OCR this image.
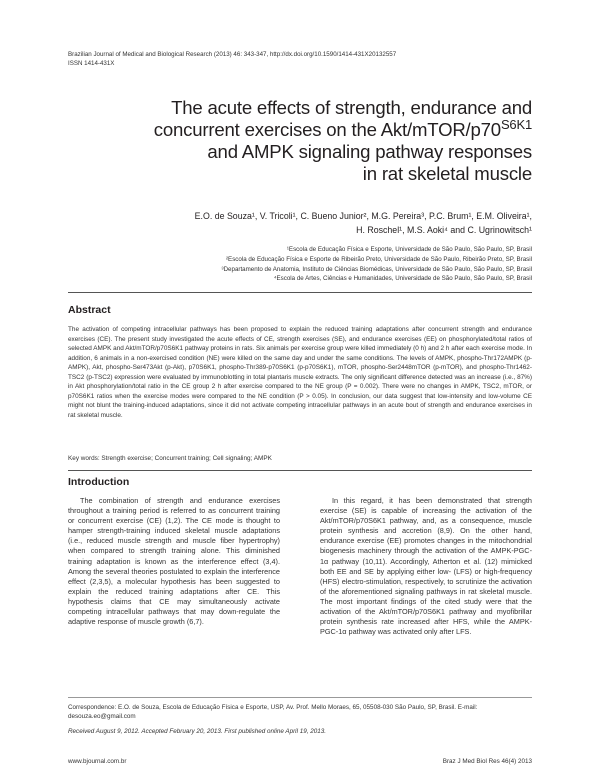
Brazilian Journal of Medical and Biological Research (2013) 46: 343-347, http://dx.doi.org/10.1590/1414-431X20132557
ISSN 1414-431X
The acute effects of strength, endurance and
concurrent exercises on the Akt/$mTOR/p70^{S6K1}$
and AMPK signaling pathway responses
in rat skeletal muscle
E.O. de Souza¹, V. Tricoli¹, C. Bueno Junior², M.G. Pereira³, P.C. Brum¹, E.M. Oliveira¹,
H. Roschel¹, M.S. Aoki⁴ and C. Ugrinowitsch¹
¹Escola de Educação Física e Esporte, Universidade de São Paulo, São Paulo, SP, Brasil
²Escola de Educação Física e Esporte de Ribeirão Preto, Universidade de São Paulo, Ribeirão Preto, SP, Brasil
³Departamento de Anatomia, Instituto de Ciências Biomédicas, Universidade de São Paulo, São Paulo, SP, Brasil
⁴Escola de Artes, Ciências e Humanidades, Universidade de São Paulo, São Paulo, SP, Brasil
Abstract
The activation of competing intracellular pathways has been proposed to explain the reduced training adaptations after concurrent strength and endurance exercises (CE). The present study investigated the acute effects of CE, strength exercises (SE), and endurance exercises (EE) on phosphorylated/total ratios of selected AMPK and Akt/mTOR/p70S6K1 pathway proteins in rats. Six animals per exercise group were killed immediately (0 h) and 2 h after each exercise mode. In addition, 6 animals in a non-exercised condition (NE) were killed on the same day and under the same conditions. The levels of AMPK, phospho-Thr172AMPK (p-AMPK), Akt, phospho-Ser473Akt (p-Akt), p70S6K1, phospho-Thr389-p70S6K1 (p-p70S6K1), mTOR, phospho-Ser2448mTOR (p-mTOR), and phospho-Thr1462-TSC2 (p-TSC2) expression were evaluated by immunoblotting in total plantaris muscle extracts. The only significant difference detected was an increase (i.e., 87%) in Akt phosphorylation/total ratio in the CE group 2 h after exercise compared to the NE group (P = 0.002). There were no changes in AMPK, TSC2, mTOR, or p70S6K1 ratios when the exercise modes were compared to the NE condition (P > 0.05). In conclusion, our data suggest that low-intensity and low-volume CE might not blunt the training-induced adaptations, since it did not activate competing intracellular pathways in an acute bout of strength and endurance exercises in rat skeletal muscle.
Key words: Strength exercise; Concurrent training; Cell signaling; AMPK
Introduction

The combination of strength and endurance exercises throughout a training period is referred to as concurrent training or concurrent exercise (CE) (1,2). The CE mode is thought to hamper strength-training induced skeletal muscle adaptations (i.e., reduced muscle strength and muscle fiber hypertrophy) when compared to strength training alone. This diminished training adaptation is known as the interference effect (3,4). Among the several theories postulated to explain the interference effect (2,3,5), a molecular hypothesis has been suggested to explain the reduced training adaptations after CE. This hypothesis claims that CE may simultaneously activate competing intracellular pathways that may down-regulate the adaptive response of muscle growth (6,7).

In this regard, it has been demonstrated that strength exercise (SE) is capable of increasing the activation of the Akt/mTOR/p70S6K1 pathway, and, as a consequence, muscle protein synthesis and accretion (8,9). On the other hand, endurance exercise (EE) promotes changes in the mitochondrial biogenesis machinery through the activation of the AMPK-PGC-1α pathway (10,11). Accordingly, Atherton et al. (12) mimicked both EE and SE by applying either low- (LFS) or high-frequency (HFS) electro-stimulation, respectively, to scrutinize the activation of the aforementioned signaling pathways in rat skeletal muscle. The most important findings of the cited study were that the activation of the Akt/mTOR/p70S6K1 pathway and myofibrillar protein synthesis rate increased after HFS, while the AMPK-PGC-1α pathway was activated only after LFS.

Correspondence: E.O. de Souza, Escola de Educação Física e Esporte, USP, Av. Prof. Mello Moraes, 65, 05508-030 São Paulo, SP, Brasil. E-mail: desouza.eo@gmail.com
Received August 9, 2012. Accepted February 20, 2013. First published online April 19, 2013.
www.bjournal.com.br	Braz J Med Biol Res 46(4) 2013
